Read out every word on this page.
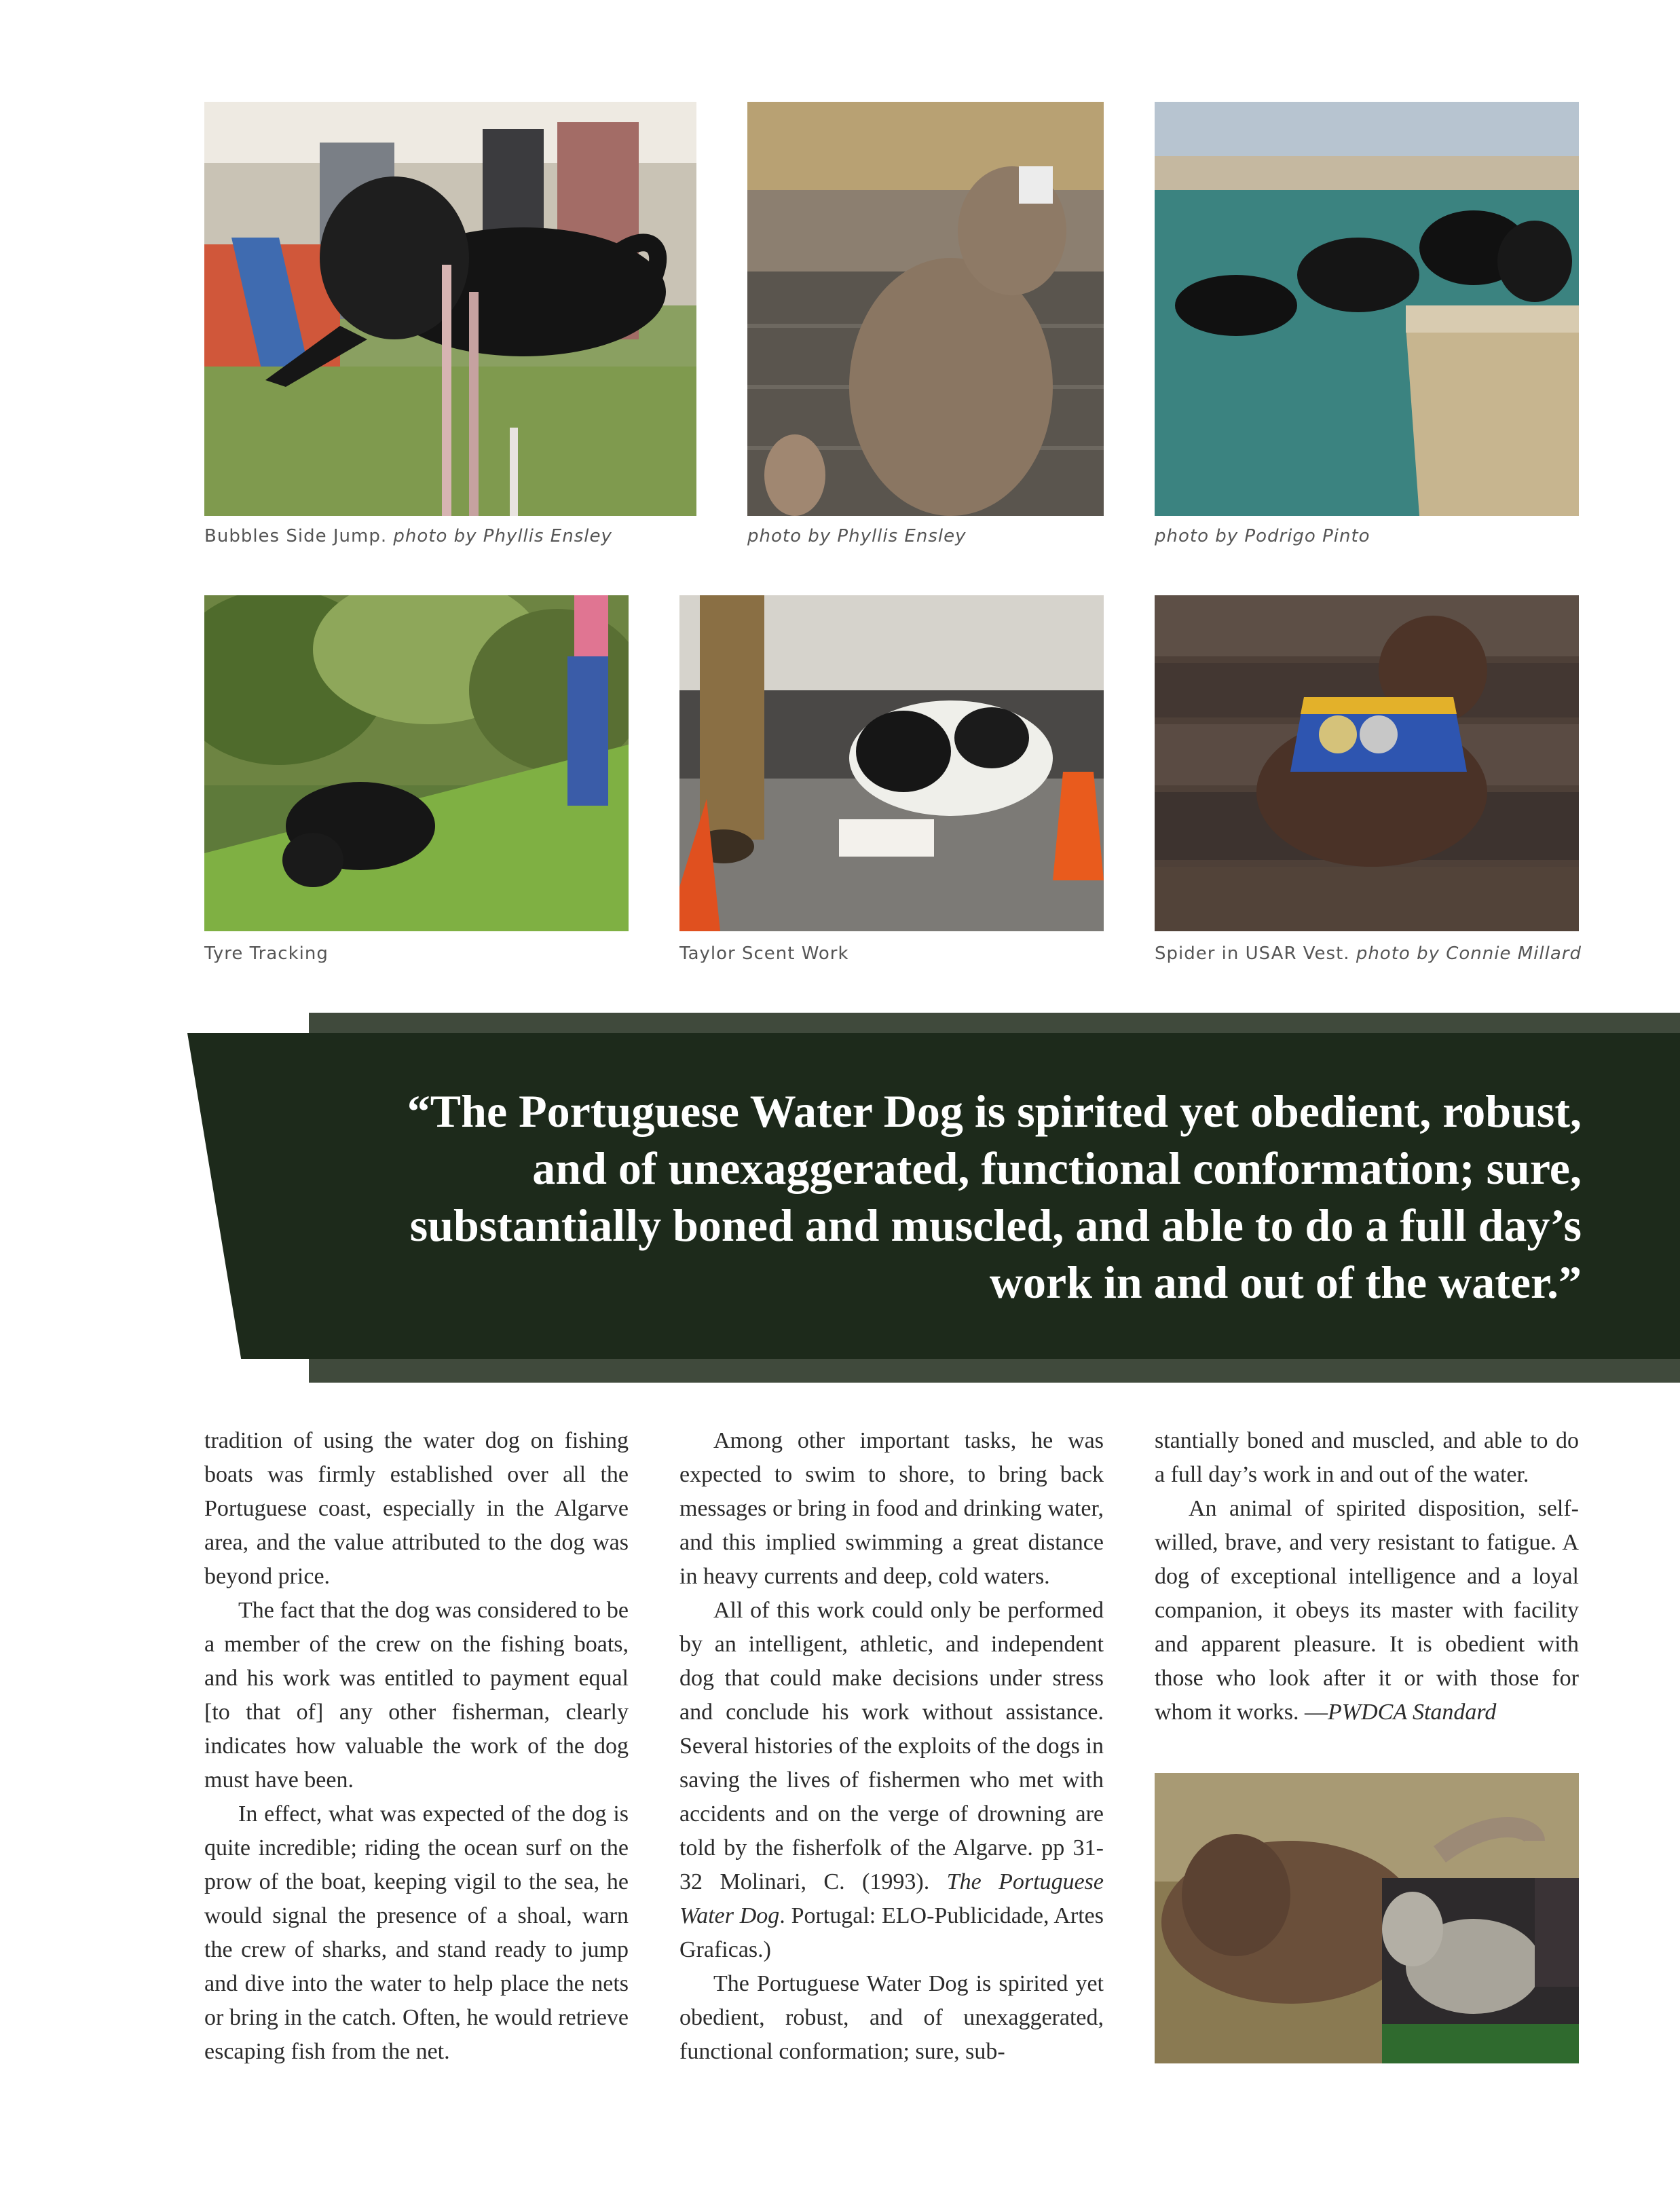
Bubbles Side Jump. photo by Phyllis Ensley	photo by Phyllis Ensley	photo by Podrigo Pinto
Tyre Tracking	Taylor Scent Work	Spider in USAR Vest. photo by Connie Millard
“The Portuguese Water Dog is spirited yet obedient, robust, and of unexaggerated, functional conformation; sure, substantially boned and muscled, and able to do a full day’s work in and out of the water.”

tradition of using the water dog on fishing boats was firmly established over all the Portuguese coast, especially in the Algarve area, and the value attributed to the dog was beyond price.

The fact that the dog was considered to be a member of the crew on the fishing boats, and his work was entitled to payment equal [to that of] any other fisherman, clearly indicates how valuable the work of the dog must have been.

In effect, what was expected of the dog is quite incredible; riding the ocean surf on the prow of the boat, keeping vigil to the sea, he would signal the presence of a shoal, warn the crew of sharks, and stand ready to jump and dive into the water to help place the nets or bring in the catch. Often, he would retrieve escaping fish from the net.

Among other important tasks, he was expected to swim to shore, to bring back messages or bring in food and drinking water, and this implied swimming a great distance in heavy currents and deep, cold waters.

All of this work could only be performed by an intelligent, athletic, and independent dog that could make decisions under stress and conclude his work without assistance. Several histories of the exploits of the dogs in saving the lives of fishermen who met with accidents and on the verge of drowning are told by the fisherfolk of the Algarve. pp 31-32 Molinari, C. (1993). The Portuguese Water Dog. Portugal: ELO-Publicidade, Artes Graficas.)

The Portuguese Water Dog is spirited yet obedient, robust, and of unexaggerated, functional conformation; sure, sub-

stantially boned and muscled, and able to do a full day’s work in and out of the water.

An animal of spirited disposition, self-willed, brave, and very resistant to fatigue. A dog of exceptional intelligence and a loyal companion, it obeys its master with facility and apparent pleasure. It is obedient with those who look after it or with those for whom it works. —PWDCA Standard
